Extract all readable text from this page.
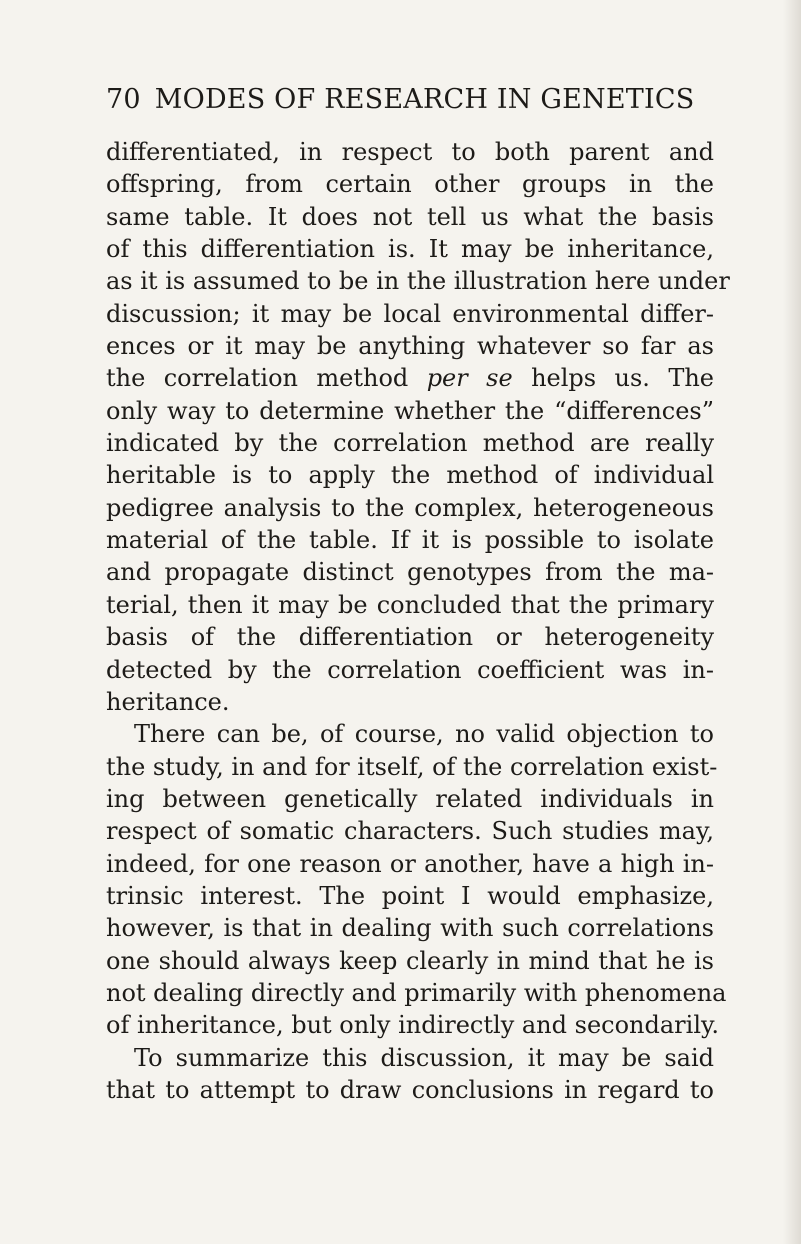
70 MODES OF RESEARCH IN GENETICS
differentiated, in respect to both parent and
offspring, from certain other groups in the
same table. It does not tell us what the basis
of this differentiation is. It may be inheritance,
as it is assumed to be in the illustration here under
discussion; it may be local environmental differ-
ences or it may be anything whatever so far as
the correlation method per se helps us. The
only way to determine whether the “differences”
indicated by the correlation method are really
heritable is to apply the method of individual
pedigree analysis to the complex, heterogeneous
material of the table. If it is possible to isolate
and propagate distinct genotypes from the ma-
terial, then it may be concluded that the primary
basis of the differentiation or heterogeneity
detected by the correlation coefficient was in-
heritance.
There can be, of course, no valid objection to
the study, in and for itself, of the correlation exist-
ing between genetically related individuals in
respect of somatic characters. Such studies may,
indeed, for one reason or another, have a high in-
trinsic interest. The point I would emphasize,
however, is that in dealing with such correlations
one should always keep clearly in mind that he is
not dealing directly and primarily with phenomena
of inheritance, but only indirectly and secondarily.
To summarize this discussion, it may be said
that to attempt to draw conclusions in regard to
